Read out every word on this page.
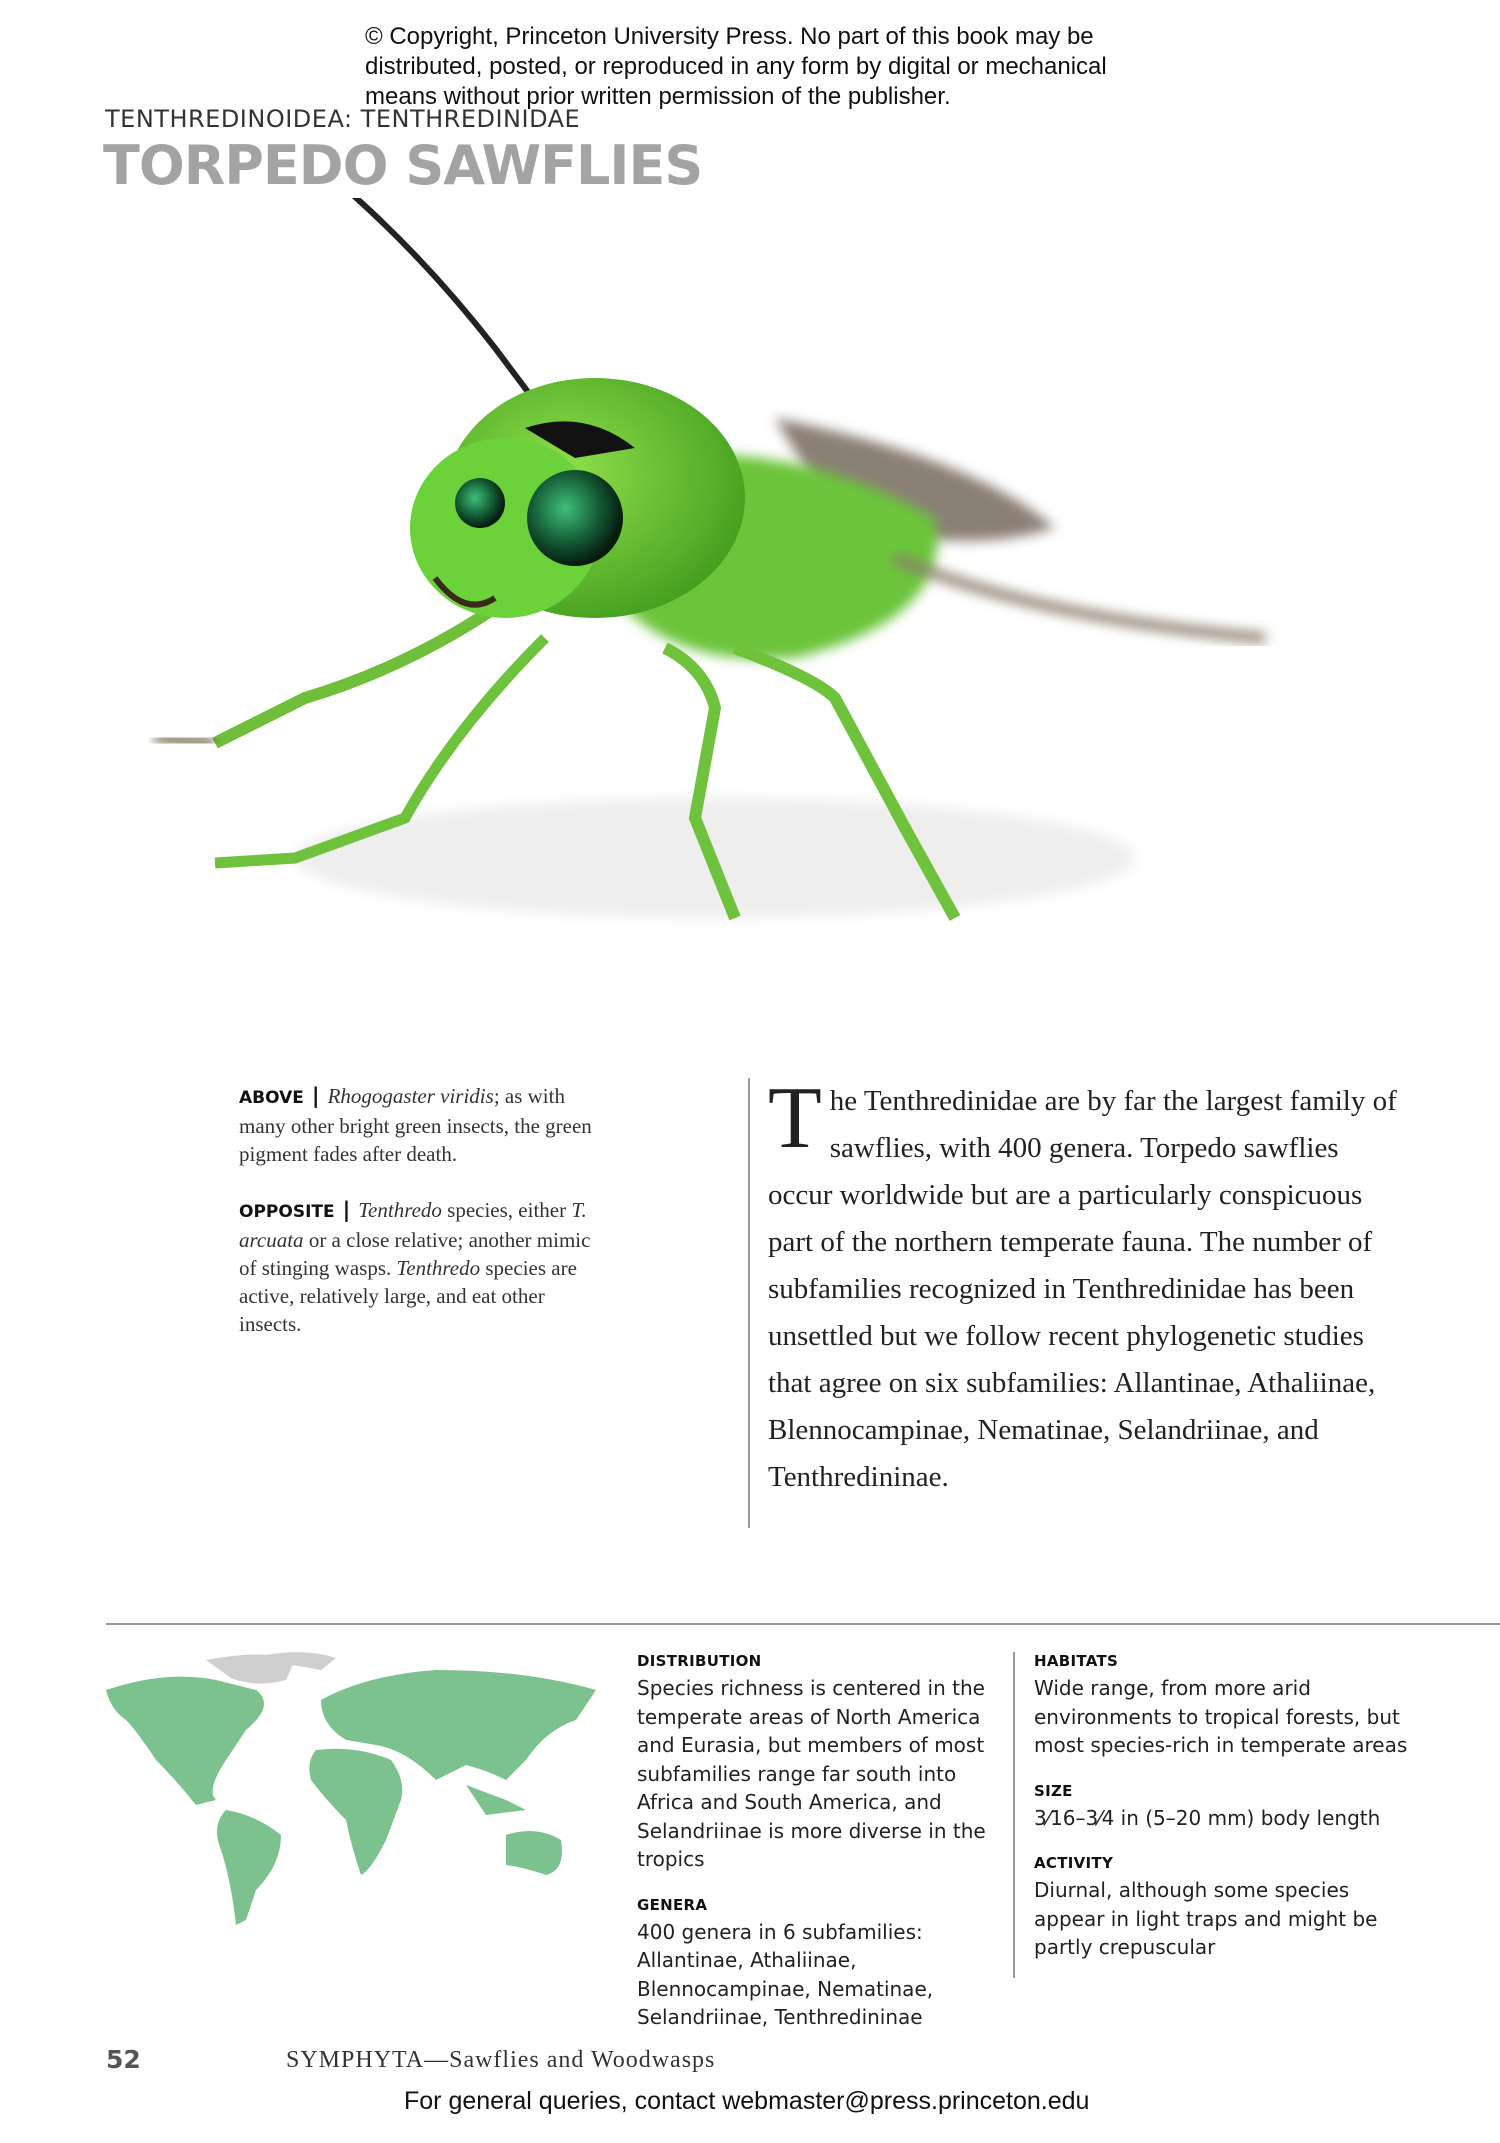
© Copyright, Princeton University Press. No part of this book may be distributed, posted, or reproduced in any form by digital or mechanical means without prior written permission of the publisher.
TENTHREDINOIDEA: TENTHREDINIDAE
TORPEDO SAWFLIES
ABOVE | Rhogogaster viridis; as with many other bright green insects, the green pigment fades after death.
OPPOSITE | Tenthredo species, either T. arcuata or a close relative; another mimic of stinging wasps. Tenthredo species are active, relatively large, and eat other insects.
The Tenthredinidae are by far the largest family of sawflies, with 400 genera. Torpedo sawflies occur worldwide but are a particularly conspicuous part of the northern temperate fauna. The number of subfamilies recognized in Tenthredinidae has been unsettled but we follow recent phylogenetic studies that agree on six subfamilies: Allantinae, Athaliinae, Blennocampinae, Nematinae, Selandriinae, and Tenthredininae.
DISTRIBUTION

Species richness is centered in the temperate areas of North America and Eurasia, but members of most subfamilies range far south into Africa and South America, and Selandriinae is more diverse in the tropics

GENERA

400 genera in 6 subfamilies: Allantinae, Athaliinae, Blennocampinae, Nematinae, Selandriinae, Tenthredininae

HABITATS

Wide range, from more arid environments to tropical forests, but most species-rich in temperate areas

SIZE

3⁄16–3⁄4 in (5–20 mm) body length

ACTIVITY

Diurnal, although some species appear in light traps and might be partly crepuscular

52	SYMPHYTA—Sawflies and Woodwasps
For general queries, contact webmaster@press.princeton.edu
